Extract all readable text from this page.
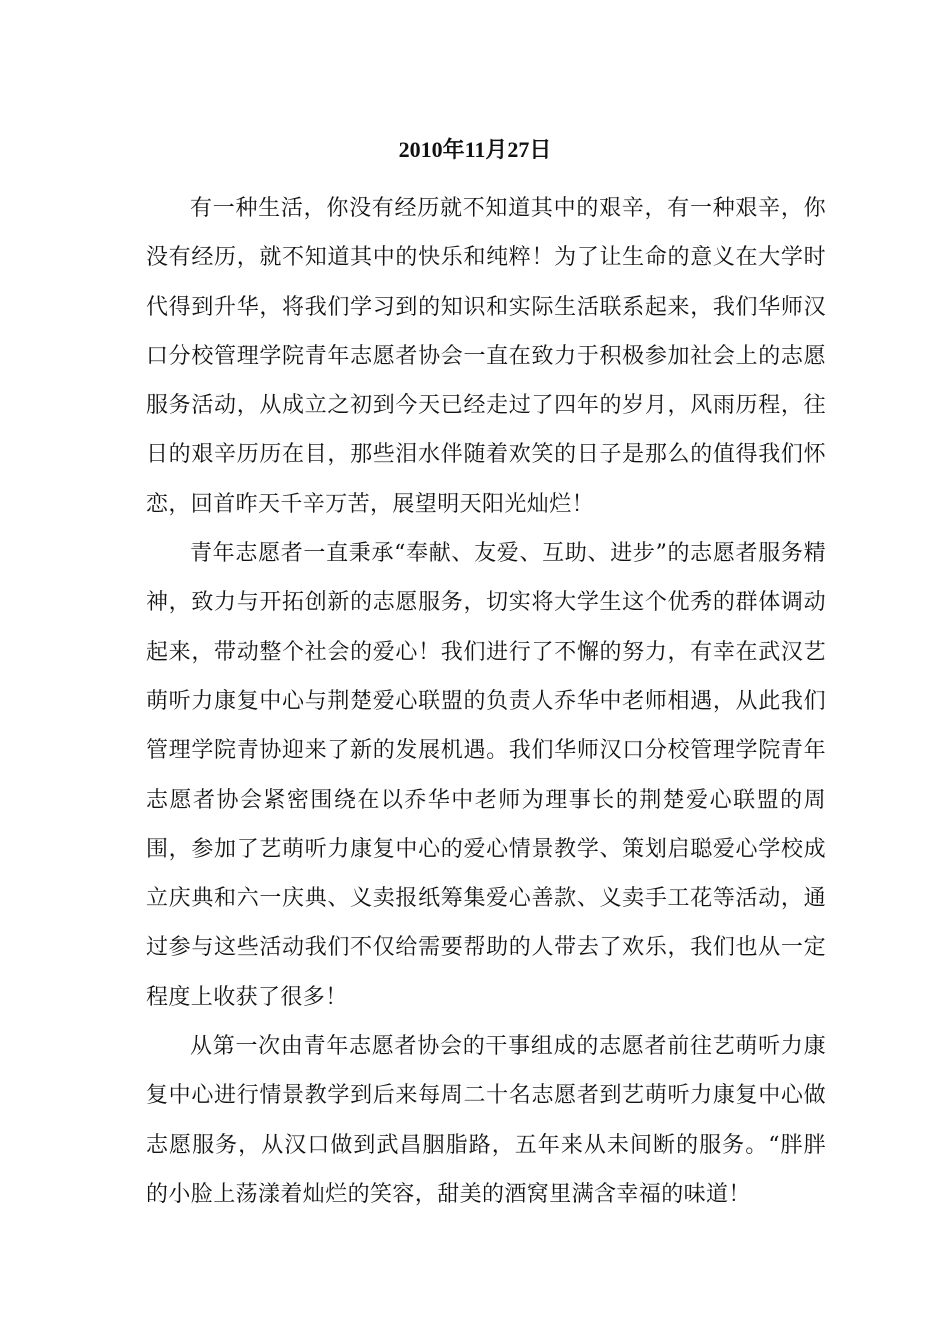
2010年11月27日

有一种生活，你没有经历就不知道其中的艰辛，有一种艰辛，你没有经历，就不知道其中的快乐和纯粹！为了让生命的意义在大学时代得到升华，将我们学习到的知识和实际生活联系起来，我们华师汉口分校管理学院青年志愿者协会一直在致力于积极参加社会上的志愿服务活动，从成立之初到今天已经走过了四年的岁月，风雨历程，往日的艰辛历历在目，那些泪水伴随着欢笑的日子是那么的值得我们怀恋，回首昨天千辛万苦，展望明天阳光灿烂！

青年志愿者一直秉承“奉献、友爱、互助、进步”的志愿者服务精神，致力与开拓创新的志愿服务，切实将大学生这个优秀的群体调动起来，带动整个社会的爱心！我们进行了不懈的努力，有幸在武汉艺萌听力康复中心与荆楚爱心联盟的负责人乔华中老师相遇，从此我们管理学院青协迎来了新的发展机遇。我们华师汉口分校管理学院青年志愿者协会紧密围绕在以乔华中老师为理事长的荆楚爱心联盟的周围，参加了艺萌听力康复中心的爱心情景教学、策划启聪爱心学校成立庆典和六一庆典、义卖报纸筹集爱心善款、义卖手工花等活动，通过参与这些活动我们不仅给需要帮助的人带去了欢乐，我们也从一定程度上收获了很多！

从第一次由青年志愿者协会的干事组成的志愿者前往艺萌听力康复中心进行情景教学到后来每周二十名志愿者到艺萌听力康复中心做志愿服务，从汉口做到武昌胭脂路，五年来从未间断的服务。“胖胖的小脸上荡漾着灿烂的笑容，甜美的酒窝里满含幸福的味道！
